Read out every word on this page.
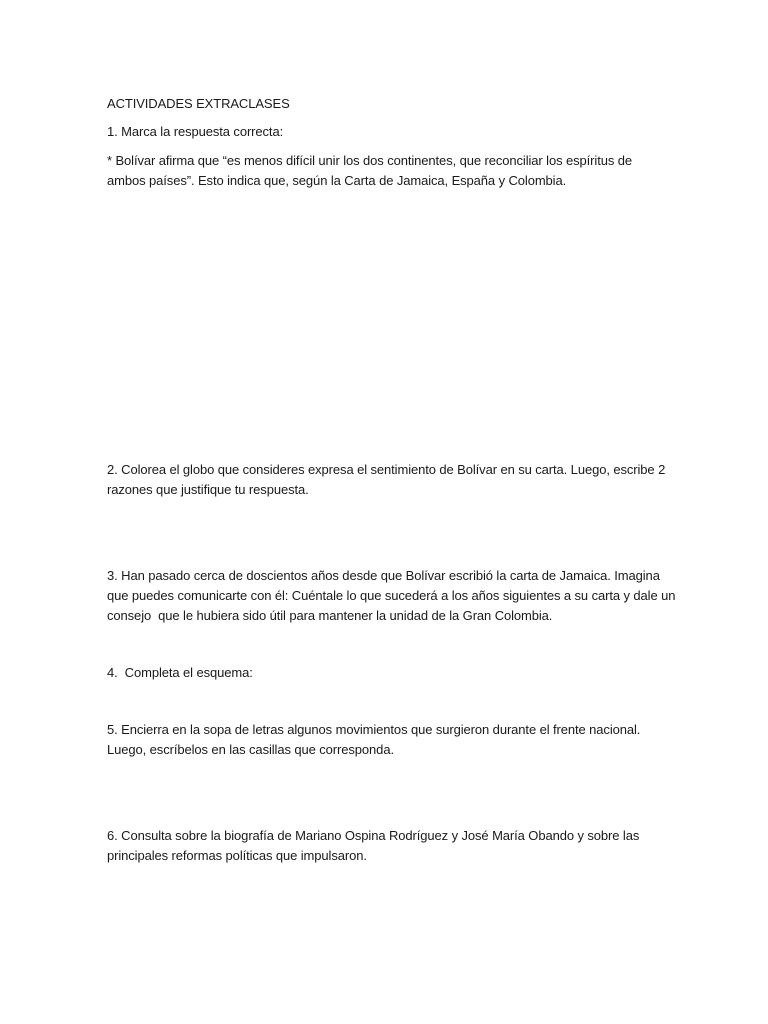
ACTIVIDADES EXTRACLASES

1. Marca la respuesta correcta:

* Bolívar afirma que “es menos difícil unir los dos continentes, que reconciliar los espíritus de
ambos países”. Esto indica que, según la Carta de Jamaica, España y Colombia.

2. Colorea el globo que consideres expresa el sentimiento de Bolívar en su carta. Luego, escribe 2
razones que justifique tu respuesta.

3. Han pasado cerca de doscientos años desde que Bolívar escribió la carta de Jamaica. Imagina
que puedes comunicarte con él: Cuéntale lo que sucederá a los años siguientes a su carta y dale un
consejo  que le hubiera sido útil para mantener la unidad de la Gran Colombia.

4.  Completa el esquema:

5. Encierra en la sopa de letras algunos movimientos que surgieron durante el frente nacional.
Luego, escríbelos en las casillas que corresponda.

6. Consulta sobre la biografía de Mariano Ospina Rodríguez y José María Obando y sobre las
principales reformas políticas que impulsaron.
